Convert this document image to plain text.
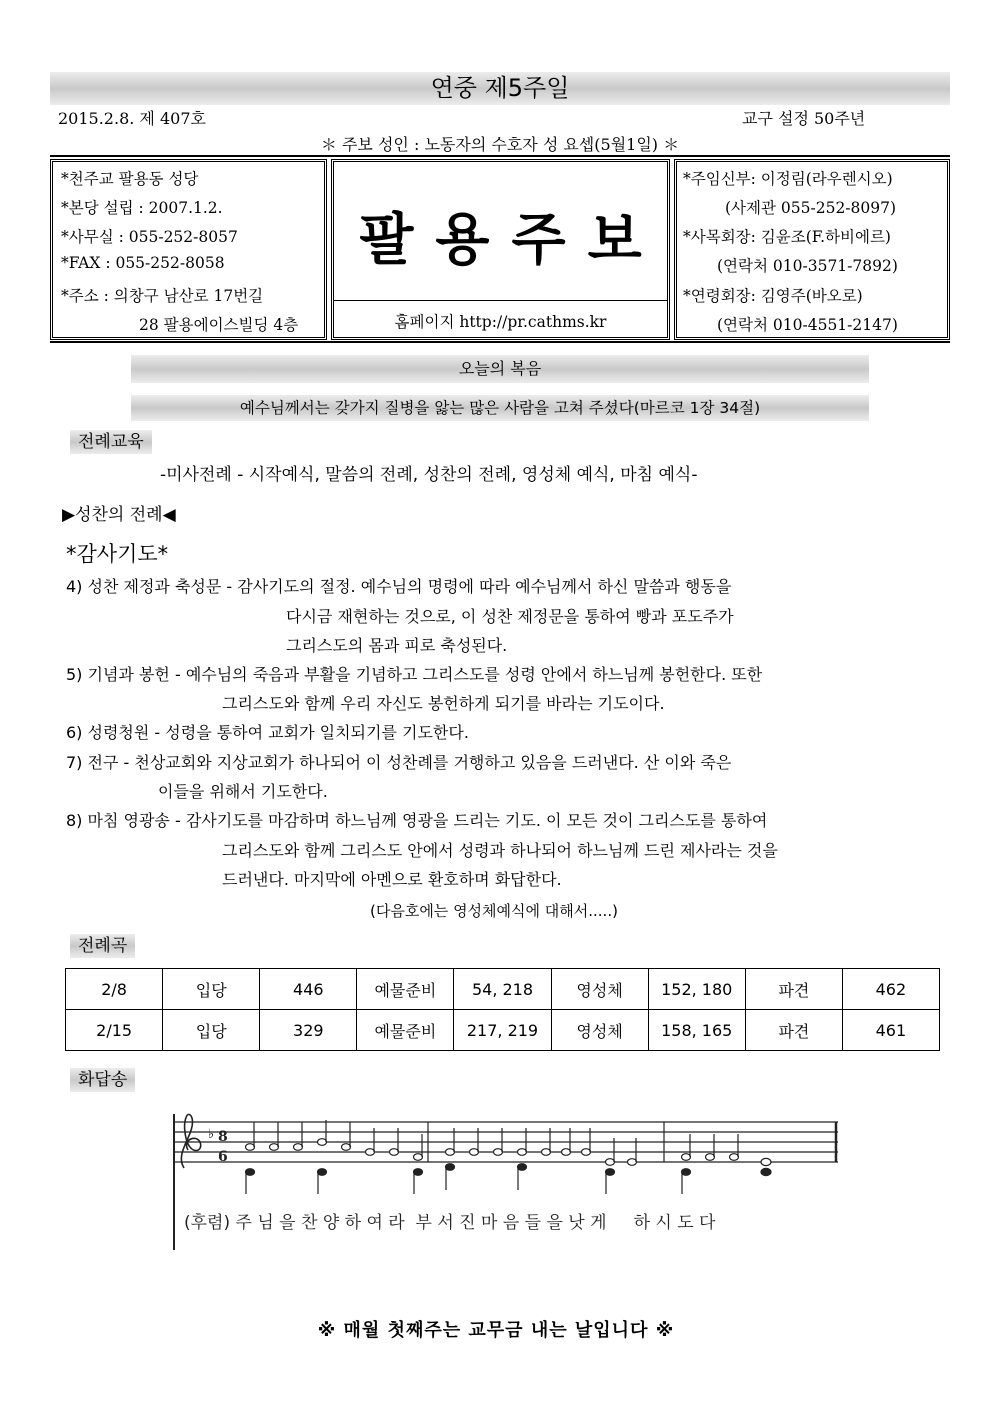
연중 제5주일
2015.2.8. 제 407호	교구 설정 50주년
＊ 주보 성인 : 노동자의 수호자 성 요셉(5월1일) ＊
*천주교 팔용동 성당
*본당 설립 : 2007.1.2.
*사무실 : 055-252-8057
*FAX : 055-252-8058
*주소 : 의창구 남산로 17번길
28 팔용에이스빌딩 4층
팔용주보
홈페이지 http://pr.cathms.kr
*주임신부: 이정림(라우렌시오)
(사제관 055-252-8097)
*사목회장: 김윤조(F.하비에르)
(연락처 010-3571-7892)
*연령회장: 김영주(바오로)
(연락처 010-4551-2147)
오늘의 복음
예수님께서는 갖가지 질병을 앓는 많은 사람을 고쳐 주셨다(마르코 1장 34절)
전례교육
-미사전례 - 시작예식, 말씀의 전례, 성찬의 전례, 영성체 예식, 마침 예식-
▶성찬의 전례◀
*감사기도*
4) 성찬 제정과 축성문 - 감사기도의 절정. 예수님의 명령에 따라 예수님께서 하신 말씀과 행동을
다시금 재현하는 것으로, 이 성찬 제정문을 통하여 빵과 포도주가
그리스도의 몸과 피로 축성된다.
5) 기념과 봉헌 - 예수님의 죽음과 부활을 기념하고 그리스도를 성령 안에서 하느님께 봉헌한다. 또한
그리스도와 함께 우리 자신도 봉헌하게 되기를 바라는 기도이다.
6) 성령청원 - 성령을 통하여 교회가 일치되기를 기도한다.
7) 전구 - 천상교회와 지상교회가 하나되어 이 성찬례를 거행하고 있음을 드러낸다. 산 이와 죽은
이들을 위해서 기도한다.
8) 마침 영광송 - 감사기도를 마감하며 하느님께 영광을 드리는 기도. 이 모든 것이 그리스도를 통하여
그리스도와 함께 그리스도 안에서 성령과 하나되어 하느님께 드린 제사라는 것을
드러낸다. 마지막에 아멘으로 환호하며 화답한다.
(다음호에는 영성체예식에 대해서.....)
전례곡
2/8	입당	446	예물준비	54, 218	영성체	152, 180	파견	462
2/15	입당	329	예물준비	217, 219	영성체	158, 165	파견	461
화답송
♭ 8
6
(후렴) 주 님 을 찬 양 하 여 라  부 서 진 마 음 들 을 낫 게     하 시 도 다
※ 매월 첫째주는 교무금 내는 날입니다 ※
